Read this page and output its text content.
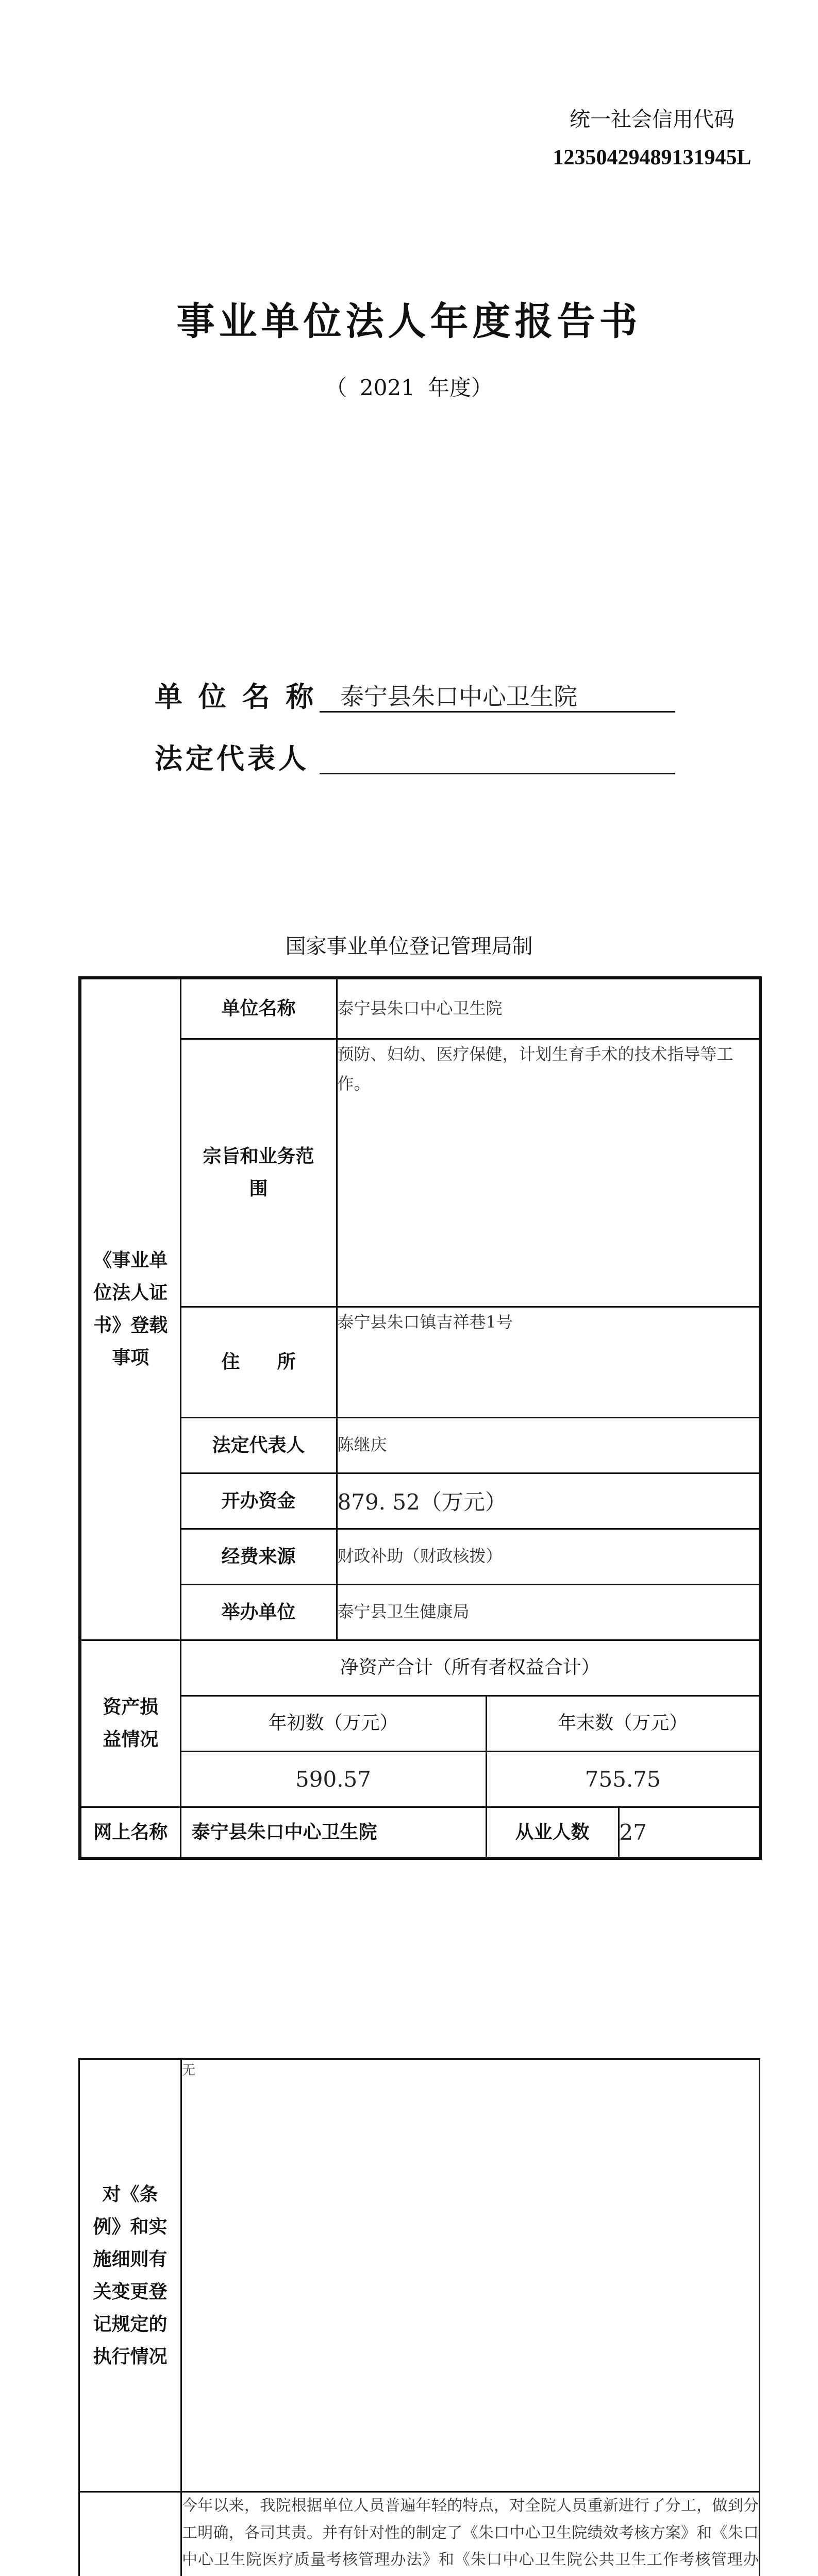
统一社会信用代码
12350429489131945L
事业单位法人年度报告书
（ 2021 年度）
单 位 名 称 泰宁县朱口中心卫生院
法定代表人
国家事业单位登记管理局制
《事业单位法人证书》登载事项	单位名称	泰宁县朱口中心卫生院		

	宗旨和业务范围	预防、妇幼、医疗保健，计划生育手术的技术指导等工作。		
	住　　所	泰宁县朱口镇吉祥巷1号		
	法定代表人	陈继庆		
	开办资金	879. 52（万元）		
	经费来源	财政补助（财政核拨）		
	举办单位	泰宁县卫生健康局		

资产损益情况	净资产合计（所有者权益合计）			
	年初数（万元）		年末数（万元）	
	590.57		755.75	
网上名称	泰宁县朱口中心卫生院		从业人数	27
对《条例》和实施细则有关变更登记规定的执行情况	无

	今年以来，我院根据单位人员普遍年轻的特点，对全院人员重新进行了分工，做到分工明确，各司其责。并有针对性的制定了《朱口中心卫生院绩效考核方案》和《朱口中心卫生院医疗质量考核管理办法》和《朱口中心卫生院公共卫生工作考核管理办
